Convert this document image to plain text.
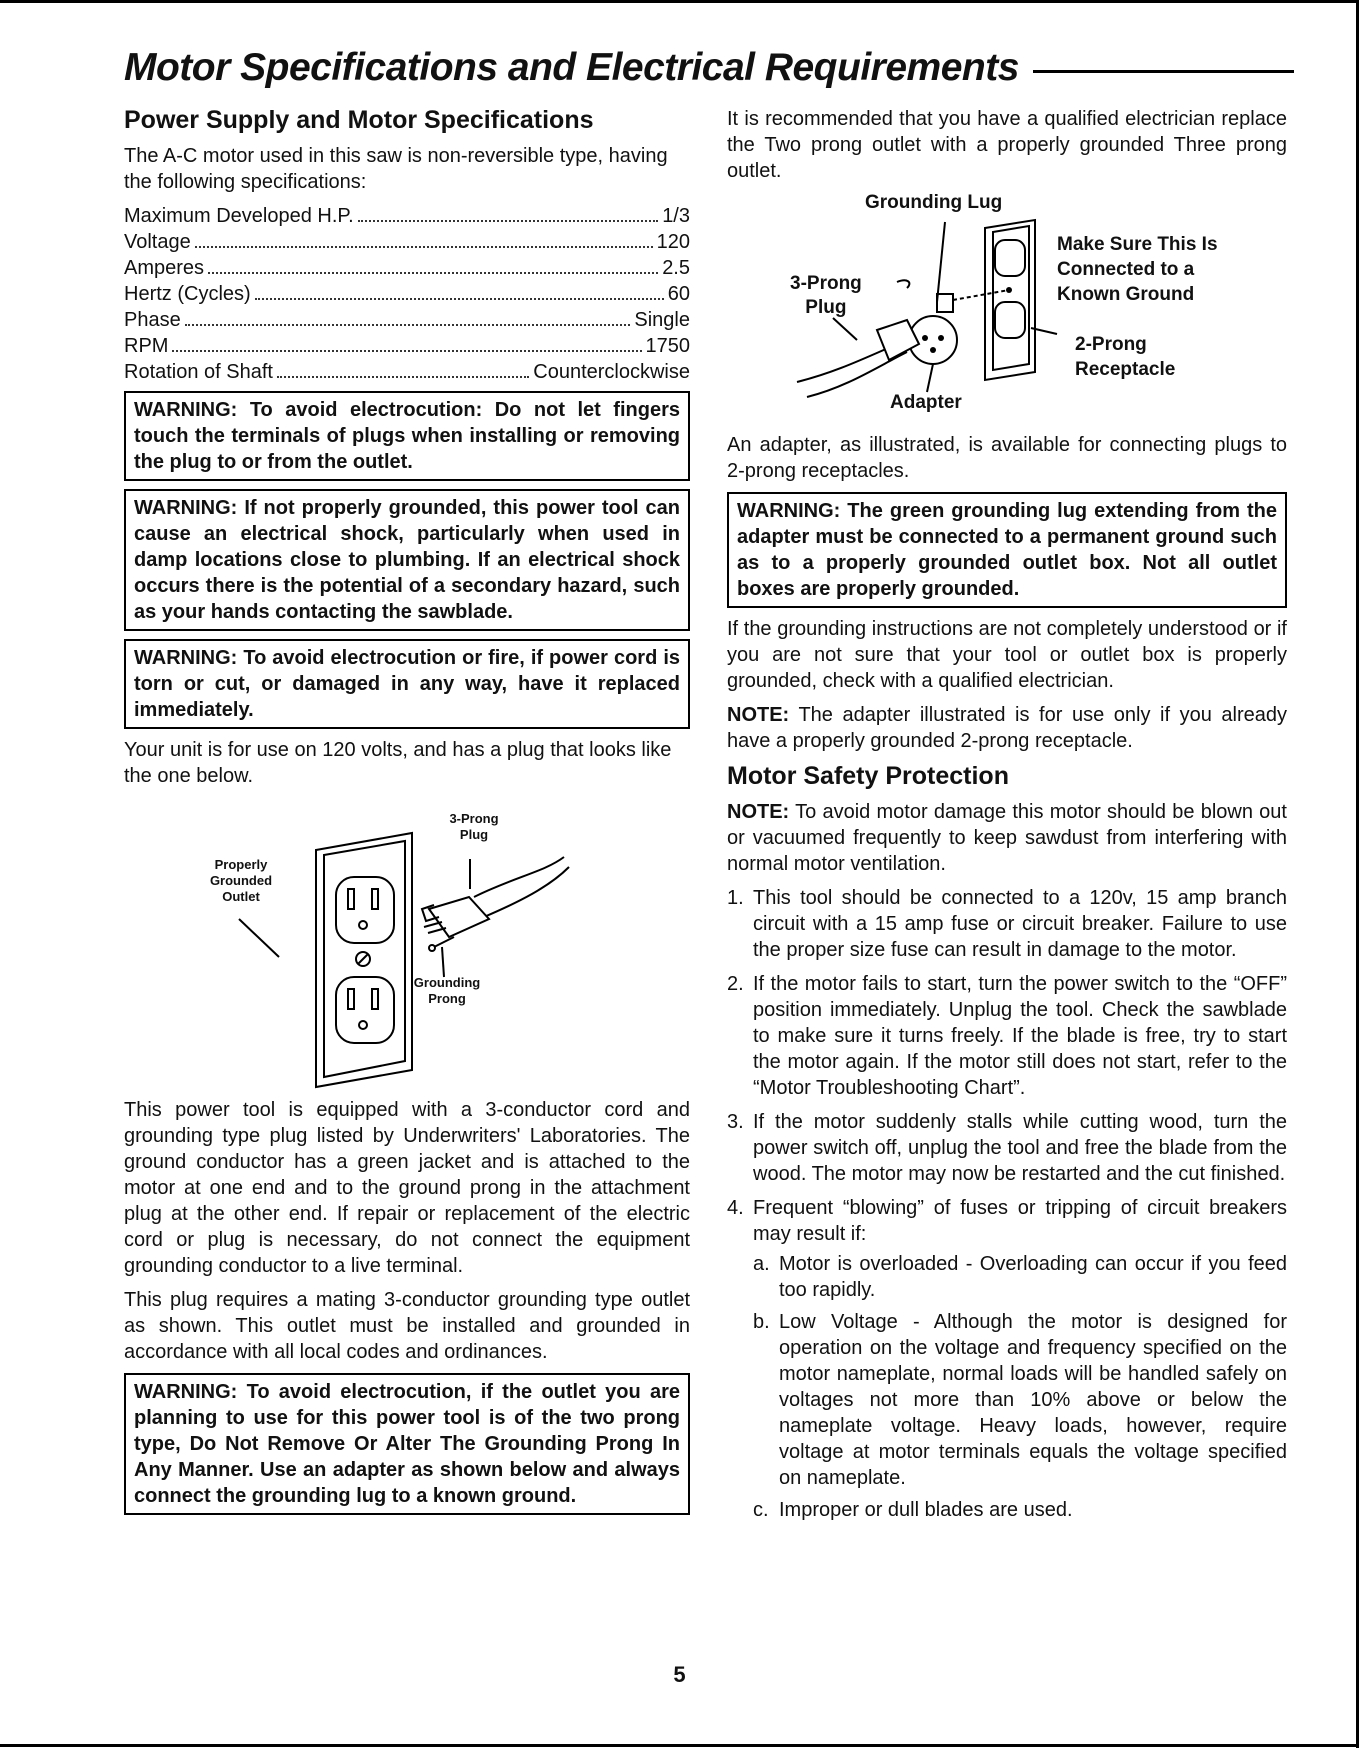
Motor Specifications and Electrical Requirements
Power Supply and Motor Specifications

The A-C motor used in this saw is non-reversible type, having the following specifications:

Maximum Developed H.P.	1/3
Voltage	120
Amperes	2.5
Hertz (Cycles)	60
Phase	Single
RPM	1750
Rotation of Shaft	Counterclockwise
WARNING: To avoid electrocution: Do not let fingers touch the terminals of plugs when installing or removing the plug to or from the outlet.
WARNING: If not properly grounded, this power tool can cause an electrical shock, particularly when used in damp locations close to plumbing. If an electrical shock occurs there is the potential of a secondary hazard, such as your hands contacting the sawblade.
WARNING: To avoid electrocution or fire, if power cord is torn or cut, or damaged in any way, have it replaced immediately.

Your unit is for use on 120 volts, and has a plug that looks like the one below.

3-Prong
Plug
Properly
Grounded
Outlet
Grounding
Prong

This power tool is equipped with a 3-conductor cord and grounding type plug listed by Underwriters' Laboratories. The ground conductor has a green jacket and is attached to the motor at one end and to the ground prong in the attachment plug at the other end. If repair or replacement of the electric cord or plug is necessary, do not connect the equipment grounding conductor to a live terminal.

This plug requires a mating 3-conductor grounding type outlet as shown. This outlet must be installed and grounded in accordance with all local codes and ordinances.

WARNING: To avoid electrocution, if the outlet you are planning to use for this power tool is of the two prong type, Do Not Remove Or Alter The Grounding Prong In Any Manner. Use an adapter as shown below and always connect the grounding lug to a known ground.

It is recommended that you have a qualified electrician replace the Two prong outlet with a properly grounded Three prong outlet.

Grounding Lug
3-Prong
Plug
Make Sure This Is
Connected to a
Known Ground
2-Prong
Receptacle
Adapter

An adapter, as illustrated, is available for connecting plugs to 2-prong receptacles.

WARNING: The green grounding lug extending from the adapter must be connected to a permanent ground such as to a properly grounded outlet box. Not all outlet boxes are properly grounded.

If the grounding instructions are not completely understood or if you are not sure that your tool or outlet box is properly grounded, check with a qualified electrician.

NOTE: The adapter illustrated is for use only if you already have a properly grounded 2-prong receptacle.

Motor Safety Protection

NOTE: To avoid motor damage this motor should be blown out or vacuumed frequently to keep sawdust from interfering with normal motor ventilation.

1. This tool should be connected to a 120v, 15 amp branch circuit with a 15 amp fuse or circuit breaker. Failure to use the proper size fuse can result in damage to the motor.
2. If the motor fails to start, turn the power switch to the “OFF” position immediately. Unplug the tool. Check the sawblade to make sure it turns freely. If the blade is free, try to start the motor again. If the motor still does not start, refer to the “Motor Troubleshooting Chart”.
3. If the motor suddenly stalls while cutting wood, turn the power switch off, unplug the tool and free the blade from the wood. The motor may now be restarted and the cut finished.
4. Frequent “blowing” of fuses or tripping of circuit breakers may result if:
a. Motor is overloaded - Overloading can occur if you feed too rapidly.
b. Low Voltage - Although the motor is designed for operation on the voltage and frequency specified on the motor nameplate, normal loads will be handled safely on voltages not more than 10% above or below the nameplate voltage. Heavy loads, however, require voltage at motor terminals equals the voltage specified on nameplate.
c. Improper or dull blades are used.
5
